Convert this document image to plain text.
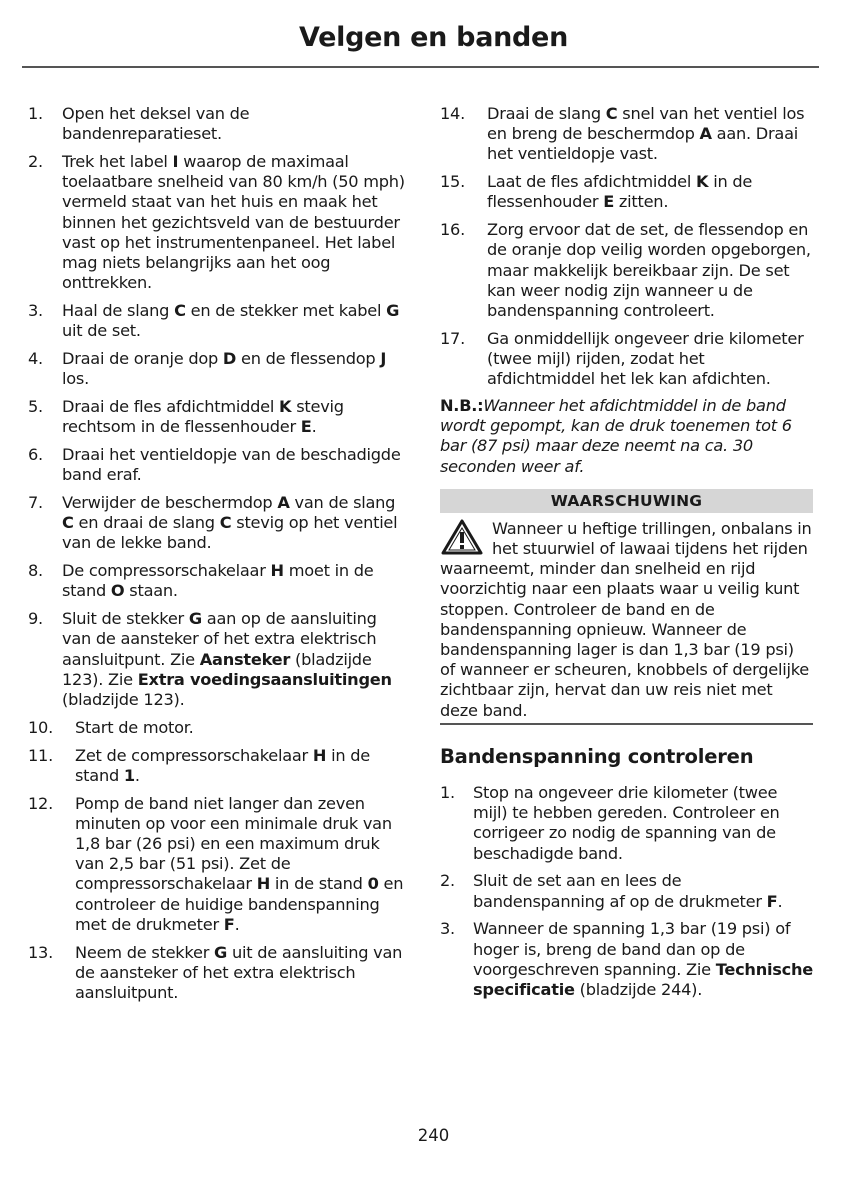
Velgen en banden
1. Open het deksel van de bandenreparatieset.
2. Trek het label I waarop de maximaal toelaatbare snelheid van 80 km/h (50 mph) vermeld staat van het huis en maak het binnen het gezichtsveld van de bestuurder vast op het instrumentenpaneel. Het label mag niets belangrijks aan het oog onttrekken.
3. Haal de slang C en de stekker met kabel G uit de set.
4. Draai de oranje dop D en de flessendop J los.
5. Draai de fles afdichtmiddel K stevig rechtsom in de flessenhouder E.
6. Draai het ventieldopje van de beschadigde band eraf.
7. Verwijder de beschermdop A van de slang C en draai de slang C stevig op het ventiel van de lekke band.
8. De compressorschakelaar H moet in de stand O staan.
9. Sluit de stekker G aan op de aansluiting van de aansteker of het extra elektrisch aansluitpunt. Zie Aansteker (bladzijde 123). Zie Extra voedingsaansluitingen (bladzijde 123).
10. Start de motor.
11. Zet de compressorschakelaar H in de stand 1.
12. Pomp de band niet langer dan zeven minuten op voor een minimale druk van 1,8 bar (26 psi) en een maximum druk van 2,5 bar (51 psi). Zet de compressorschakelaar H in de stand 0 en controleer de huidige bandenspanning met de drukmeter F.
13. Neem de stekker G uit de aansluiting van de aansteker of het extra elektrisch aansluitpunt.
14. Draai de slang C snel van het ventiel los en breng de beschermdop A aan. Draai het ventieldopje vast.
15. Laat de fles afdichtmiddel K in de flessenhouder E zitten.
16. Zorg ervoor dat de set, de flessendop en de oranje dop veilig worden opgeborgen, maar makkelijk bereikbaar zijn. De set kan weer nodig zijn wanneer u de bandenspanning controleert.
17. Ga onmiddellijk ongeveer drie kilometer (twee mijl) rijden, zodat het afdichtmiddel het lek kan afdichten.
N.B.:Wanneer het afdichtmiddel in de band wordt gepompt, kan de druk toenemen tot 6 bar (87 psi) maar deze neemt na ca. 30 seconden weer af.
WAARSCHUWING
Wanneer u heftige trillingen, onbalans in het stuurwiel of lawaai tijdens het rijden waarneemt, minder dan snelheid en rijd voorzichtig naar een plaats waar u veilig kunt stoppen. Controleer de band en de bandenspanning opnieuw. Wanneer de bandenspanning lager is dan 1,3 bar (19 psi) of wanneer er scheuren, knobbels of dergelijke zichtbaar zijn, hervat dan uw reis niet met deze band.
Bandenspanning controleren
1. Stop na ongeveer drie kilometer (twee mijl) te hebben gereden. Controleer en corrigeer zo nodig de spanning van de beschadigde band.
2. Sluit de set aan en lees de bandenspanning af op de drukmeter F.
3. Wanneer de spanning 1,3 bar (19 psi) of hoger is, breng de band dan op de voorgeschreven spanning. Zie Technische specificatie (bladzijde 244).
240
